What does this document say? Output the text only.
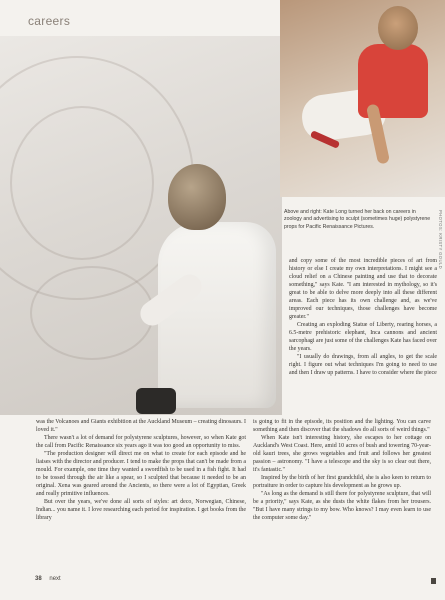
careers
PHOTOS: KRISTY GOULD
Above and right: Kate Long turned her back on careers in zoology and advertising to sculpt (sometimes huge) polystyrene props for Pacific Renaissance Pictures.

and copy some of the most incredible pieces of art from history or else I create my own interpretations. I might see a cloud relief on a Chinese painting and use that to decorate something," says Kate. "I am interested in mythology, so it's great to be able to delve more deeply into all these different areas. Each piece has its own challenge and, as we've improved our techniques, those challenges have become greater."

Creating an exploding Statue of Liberty, rearing horses, a 6.5-metre prehistoric elephant, Inca cannons and ancient sarcophagi are just some of the challenges Kate has faced over the years.

"I usually do drawings, from all angles, to get the scale right. I figure out what techniques I'm going to need to use and then I draw up patterns. I have to consider where the piece

was the Volcanoes and Giants exhibition at the Auckland Museum – creating dinosaurs. I loved it."

There wasn't a lot of demand for polystyrene sculptures, however, so when Kate got the call from Pacific Renaissance six years ago it was too good an opportunity to miss.

"The production designer will direct me on what to create for each episode and he liaises with the director and producer. I tend to make the props that can't be made from a mould. For example, one time they wanted a swordfish to be used in a fish fight. It had to be tossed through the air like a spear, so I sculpted that because it needed to be an original. Xena was geared around the Ancients, so there were a lot of Egyptian, Greek and really primitive influences.

But over the years, we've done all sorts of styles: art deco, Norwegian, Chinese, Indian... you name it. I love researching each period for inspiration. I get books from the library

is going to fit in the episode, its position and the lighting. You can carve something and then discover that the shadows do all sorts of weird things."

When Kate isn't interesting history, she escapes to her cottage on Auckland's West Coast. Here, amid 10 acres of bush and towering 70-year-old kauri trees, she grows vegetables and fruit and follows her greatest passion – astronomy. "I have a telescope and the sky is so clear out there, it's fantastic."

Inspired by the birth of her first grandchild, she is also keen to return to portraiture in order to capture his development as he grows up.

"As long as the demand is still there for polystyrene sculpture, that will be a priority," says Kate, as she dusts the white flakes from her trousers. "But I have many strings to my bow. Who knows? I may even learn to use the computer some day."

38 next
